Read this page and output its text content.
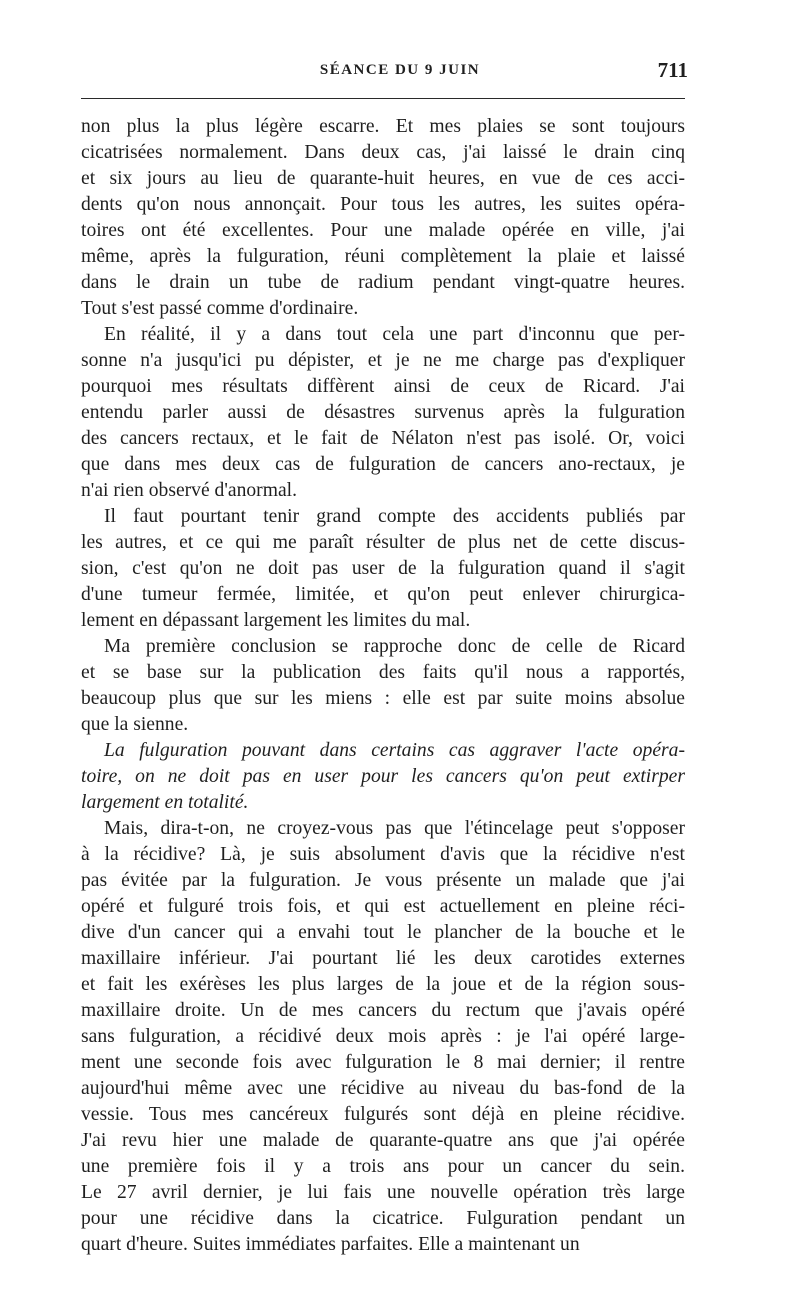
SÉANCE DU 9 JUIN	711
non plus la plus légère escarre. Et mes plaies se sont toujours
cicatrisées normalement. Dans deux cas, j'ai laissé le drain cinq
et six jours au lieu de quarante-huit heures, en vue de ces acci-
dents qu'on nous annonçait. Pour tous les autres, les suites opéra-
toires ont été excellentes. Pour une malade opérée en ville, j'ai
même, après la fulguration, réuni complètement la plaie et laissé
dans le drain un tube de radium pendant vingt-quatre heures.
Tout s'est passé comme d'ordinaire.
En réalité, il y a dans tout cela une part d'inconnu que per-
sonne n'a jusqu'ici pu dépister, et je ne me charge pas d'expliquer
pourquoi mes résultats diffèrent ainsi de ceux de Ricard. J'ai
entendu parler aussi de désastres survenus après la fulguration
des cancers rectaux, et le fait de Nélaton n'est pas isolé. Or, voici
que dans mes deux cas de fulguration de cancers ano-rectaux, je
n'ai rien observé d'anormal.
Il faut pourtant tenir grand compte des accidents publiés par
les autres, et ce qui me paraît résulter de plus net de cette discus-
sion, c'est qu'on ne doit pas user de la fulguration quand il s'agit
d'une tumeur fermée, limitée, et qu'on peut enlever chirurgica-
lement en dépassant largement les limites du mal.
Ma première conclusion se rapproche donc de celle de Ricard
et se base sur la publication des faits qu'il nous a rapportés,
beaucoup plus que sur les miens : elle est par suite moins absolue
que la sienne.
La fulguration pouvant dans certains cas aggraver l'acte opéra-
toire, on ne doit pas en user pour les cancers qu'on peut extirper
largement en totalité.
Mais, dira-t-on, ne croyez-vous pas que l'étincelage peut s'opposer
à la récidive? Là, je suis absolument d'avis que la récidive n'est
pas évitée par la fulguration. Je vous présente un malade que j'ai
opéré et fulguré trois fois, et qui est actuellement en pleine réci-
dive d'un cancer qui a envahi tout le plancher de la bouche et le
maxillaire inférieur. J'ai pourtant lié les deux carotides externes
et fait les exérèses les plus larges de la joue et de la région sous-
maxillaire droite. Un de mes cancers du rectum que j'avais opéré
sans fulguration, a récidivé deux mois après : je l'ai opéré large-
ment une seconde fois avec fulguration le 8 mai dernier; il rentre
aujourd'hui même avec une récidive au niveau du bas-fond de la
vessie. Tous mes cancéreux fulgurés sont déjà en pleine récidive.
J'ai revu hier une malade de quarante-quatre ans que j'ai opérée
une première fois il y a trois ans pour un cancer du sein.
Le 27 avril dernier, je lui fais une nouvelle opération très large
pour une récidive dans la cicatrice. Fulguration pendant un
quart d'heure. Suites immédiates parfaites. Elle a maintenant un
